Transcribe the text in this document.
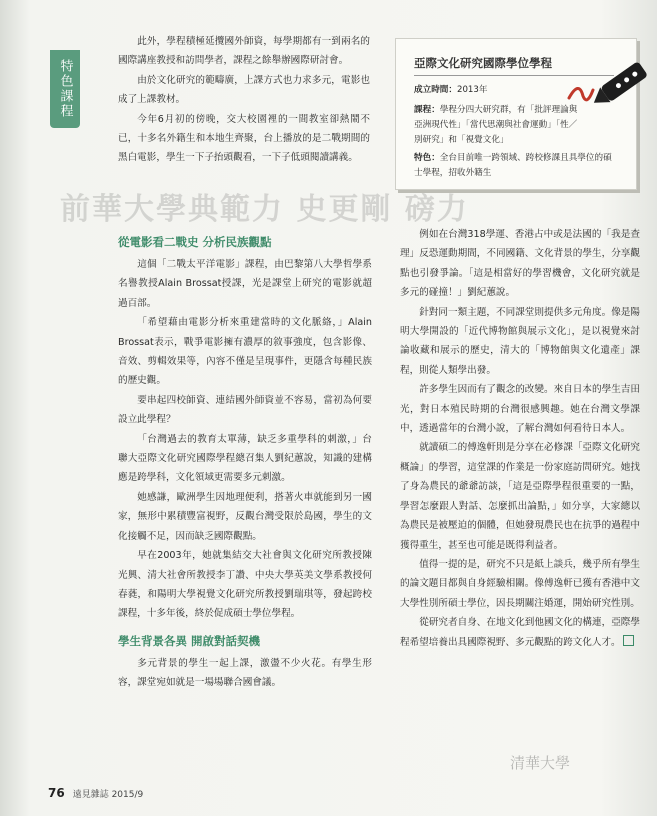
特色課程
前華大學典範力 史更剛 磅力

此外，學程積極延攬國外師資，每學期都有一到兩名的國際講座教授和訪問學者，課程之餘舉辦國際研討會。

由於文化研究的範疇廣，上課方式也力求多元，電影也成了上課教材。

今年6月初的傍晚，交大校園裡的一間教室卻熱鬧不已，十多名外籍生和本地生齊聚，台上播放的是二戰期間的黑白電影，學生一下子抬頭觀看，一下子低頭閱讀講義。

從電影看二戰史 分析民族觀點

這個「二戰太平洋電影」課程，由巴黎第八大學哲學系名譽教授Alain Brossat授課，光是課堂上研究的電影就超過百部。

「希望藉由電影分析來重建當時的文化脈絡，」Alain Brossat表示，戰爭電影擁有濃厚的敘事強度，包含影像、音效、剪輯效果等，內容不僅是呈現事件，更隱含每種民族的歷史觀。

要串起四校師資、連結國外師資並不容易，當初為何要設立此學程？

「台灣過去的教育太單薄，缺乏多重學科的刺激，」台聯大亞際文化研究國際學程總召集人劉紀蕙說，知識的建構應是跨學科，文化領域更需要多元刺激。

她感謙，歐洲學生因地理便利，搭著火車就能到另一國家，無形中累積豐富視野，反觀台灣受限於島國，學生的文化接觸不足，因而缺乏國際觀點。

早在2003年，她就集結交大社會與文化研究所教授陳光興、清大社會所教授李丁讚、中央大學英美文學系教授何春蕤，和陽明大學視覺文化研究所教授劉瑞琪等，發起跨校課程，十多年後，終於促成碩士學位學程。

學生背景各異 開啟對話契機

多元背景的學生一起上課，激盪不少火花。有學生形容，課堂宛如就是一場場聯合國會議。

例如在台灣318學運、香港占中或是法國的「我是查理」反恐運動期間，不同國籍、文化背景的學生，分享觀點也引發爭論。「這是相當好的學習機會，文化研究就是多元的碰撞！」劉紀蕙說。

針對同一類主題，不同課堂則提供多元角度。像是陽明大學開設的「近代博物館與展示文化」，是以視覺來討論收藏和展示的歷史，清大的「博物館與文化遺產」課程，則從人類學出發。

許多學生因而有了觀念的改變。來自日本的學生吉田光，對日本殖民時期的台灣很感興趣。她在台灣文學課中，透過當年的台灣小說，了解台灣如何看待日本人。

就讀碩二的傅逸軒則是分享在必修課「亞際文化研究概論」的學習，這堂課的作業是一份家庭訪問研究。她找了身為農民的爺爺訪談，「這是亞際學程很重要的一點，學習怎麼跟人對話、怎麼抓出論點，」如分享，大家總以為農民是被壓迫的個體，但她發現農民也在抗爭的過程中獲得重生，甚至也可能是既得利益者。

值得一提的是，研究不只是紙上談兵，幾乎所有學生的論文題目都與自身經驗相關。像傅逸軒已獲有香港中文大學性別所碩士學位，因長期關注婚運，開始研究性別。

從研究者自身、在地文化到他國文化的構連，亞際學程希望培養出具國際視野、多元觀點的跨文化人才。

亞際文化研究國際學位學程
成立時間：2013年
課程：學程分四大研究群，有「批評理論與亞洲現代性」「當代思潮與社會運動」「性／別研究」和「視覺文化」
特色：全台目前唯一跨領域、跨校修課且具學位的碩士學程，招收外籍生
清華大學
76 遠見雜誌 2015/9
